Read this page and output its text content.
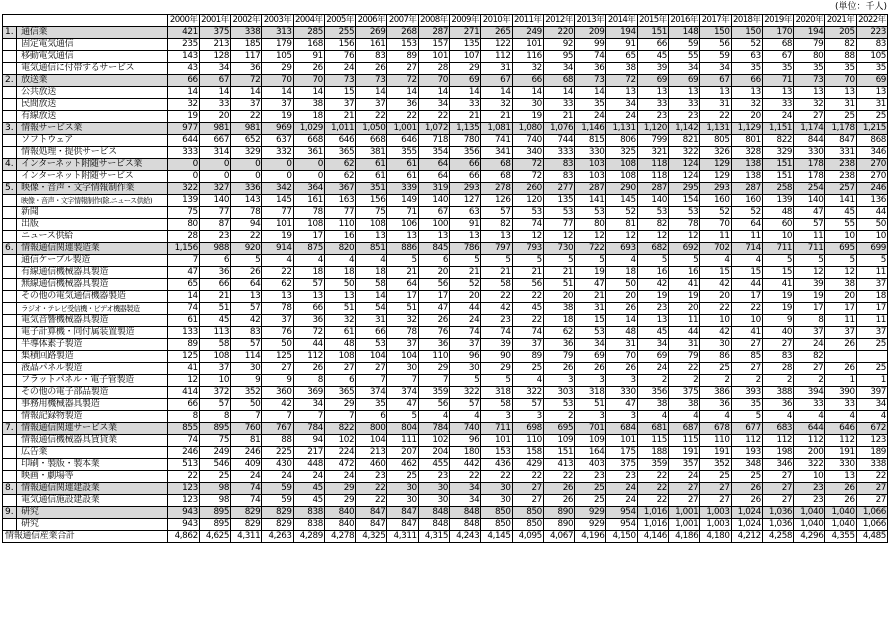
(単位：千人)
		2000年	2001年	2002年	2003年	2004年	2005年	2006年	2007年	2008年	2009年	2010年	2011年	2012年	2013年	2014年	2015年	2016年	2017年	2018年	2019年	2020年	2021年	2022年
1.	通信業	421	375	338	313	285	255	269	268	287	271	265	249	220	209	194	151	148	150	150	170	194	205	223
	固定電気通信	235	213	185	179	168	156	161	153	157	135	122	101	92	99	91	66	59	56	52	68	79	82	83
	移動電気通信	143	128	117	105	91	76	83	89	101	107	112	116	95	74	65	45	55	59	63	67	80	88	105
	電気通信に付帯するサービス	43	34	36	29	26	24	26	27	28	29	31	32	34	36	38	39	34	34	35	35	35	35	35
2.	放送業	66	67	72	70	70	73	73	72	70	69	67	66	68	73	72	69	69	67	66	71	73	70	69
	公共放送	14	14	14	14	14	15	14	14	14	14	14	14	14	14	13	13	13	13	13	13	13	13	13
	民間放送	32	33	37	37	38	37	37	36	34	33	32	30	33	35	34	33	33	31	32	33	32	31	31
	有線放送	19	20	22	19	18	21	22	22	22	21	21	19	21	24	24	23	23	22	20	24	27	25	25
3.	情報サービス業	977	981	981	969	1,029	1,011	1,050	1,001	1,072	1,135	1,081	1,080	1,076	1,146	1,131	1,120	1,142	1,131	1,129	1,151	1,174	1,178	1,215
	ソフトウェア	644	667	652	637	668	646	668	646	718	780	741	740	744	815	806	799	821	805	801	822	844	847	868
	情報処理・提供サービス	333	314	329	332	361	365	381	355	354	356	341	340	333	330	325	321	322	326	328	329	330	331	346
4.	インターネット附随サービス業	0	0	0	0	0	62	61	61	64	66	68	72	83	103	108	118	124	129	138	151	178	238	270
	インターネット附随サービス	0	0	0	0	0	62	61	61	64	66	68	72	83	103	108	118	124	129	138	151	178	238	270
5.	映像・音声・文字情報制作業	322	327	336	342	364	367	351	339	319	293	278	260	277	287	290	287	295	293	287	258	254	257	246
	映像・音声・文字情報制作(除.ニュース供給)	139	140	143	145	161	163	156	149	140	127	126	120	135	141	145	140	154	160	160	139	140	141	136
	新聞	75	77	78	77	78	77	75	71	67	63	57	53	53	53	52	53	53	52	52	48	47	45	44
	出版	80	87	94	101	108	110	108	106	100	91	82	74	77	80	81	82	78	70	64	60	57	55	50
	ニュース供給	28	23	22	19	17	16	13	13	13	13	13	12	12	12	12	12	12	11	11	10	11	10	10
6.	情報通信関連製造業	1,156	988	920	914	875	820	851	886	845	786	797	793	730	722	693	682	692	702	714	711	711	695	699
	通信ケーブル製造	7	6	5	4	4	4	4	5	6	5	5	5	5	5	4	5	5	4	4	5	5	5	5
	有線通信機械器具製造	47	36	26	22	18	18	18	21	20	21	21	21	21	19	18	16	16	15	15	15	12	12	11
	無線通信機械器具製造	65	66	64	62	57	50	58	64	56	52	58	56	51	47	50	42	41	42	44	41	39	38	37
	その他の電気通信機器製造	14	21	13	13	13	13	14	17	17	20	22	22	20	21	20	19	19	20	17	19	19	20	18
	ラジオ・テレビ受信機・ビデオ機器製造	74	51	57	78	66	51	54	51	47	44	42	45	38	31	26	23	20	22	22	19	17	17	17
	電気音響機械器具製造	61	45	42	37	36	32	31	32	26	24	23	22	18	15	14	13	11	10	10	9	8	11	11
	電子計算機・同付属装置製造	133	113	83	76	72	61	66	78	76	74	74	74	62	53	48	45	44	42	41	40	37	37	37
	半導体素子製造	89	58	57	50	44	48	53	37	36	37	39	37	36	34	31	34	31	30	27	27	24	26	25
	集積回路製造	125	108	114	125	112	108	104	104	110	96	90	89	79	69	70	69	79	86	85	83	82		
	液晶パネル製造	41	37	30	27	26	27	27	30	29	30	29	25	26	26	26	24	22	25	27	28	27	26	25
	フラットパネル・電子管製造	12	10	9	9	8	6	7	7	7	5	5	4	3	3	3	2	2	2	2	2	2	1	1
	その他の電子部品製造	414	372	352	360	369	365	374	374	359	322	318	322	303	318	330	356	375	386	393	388	394	390	397
	事務用機械器具製造	66	57	50	42	34	29	35	47	56	57	58	57	53	51	47	38	38	36	35	36	33	33	34
	情報記録物製造	8	8	7	7	7	7	6	5	4	4	3	3	2	3	3	4	4	4	5	4	4	4	4
7.	情報通信関連サービス業	855	895	760	767	784	822	800	804	784	740	711	698	695	701	684	681	687	678	677	683	644	646	672
	情報通信機械器具賃貸業	74	75	81	88	94	102	104	111	102	96	101	110	109	109	101	115	115	110	112	112	112	112	123
	広告業	246	249	246	225	217	224	213	207	204	180	153	158	151	164	175	188	191	191	193	198	200	191	189
	印刷・製版・製本業	513	546	409	430	448	472	460	462	455	442	436	429	413	403	375	359	357	352	348	346	322	330	338
	映画・劇場等	22	25	24	24	24	24	23	25	23	22	22	22	22	23	23	22	24	25	25	27	10	13	22
8.	情報通信関連建設業	123	98	74	59	45	29	22	30	30	34	30	27	26	25	24	22	27	27	26	27	23	26	27
	電気通信施設建設業	123	98	74	59	45	29	22	30	30	34	30	27	26	25	24	22	27	27	26	27	23	26	27
9.	研究	943	895	829	829	838	840	847	847	848	848	850	850	890	929	954	1,016	1,001	1,003	1,024	1,036	1,040	1,040	1,066
	研究	943	895	829	829	838	840	847	847	848	848	850	850	890	929	954	1,016	1,001	1,003	1,024	1,036	1,040	1,040	1,066
情報通信産業合計		4,862	4,625	4,311	4,263	4,289	4,278	4,325	4,311	4,315	4,243	4,145	4,095	4,067	4,196	4,150	4,146	4,186	4,180	4,212	4,258	4,296	4,355	4,485
